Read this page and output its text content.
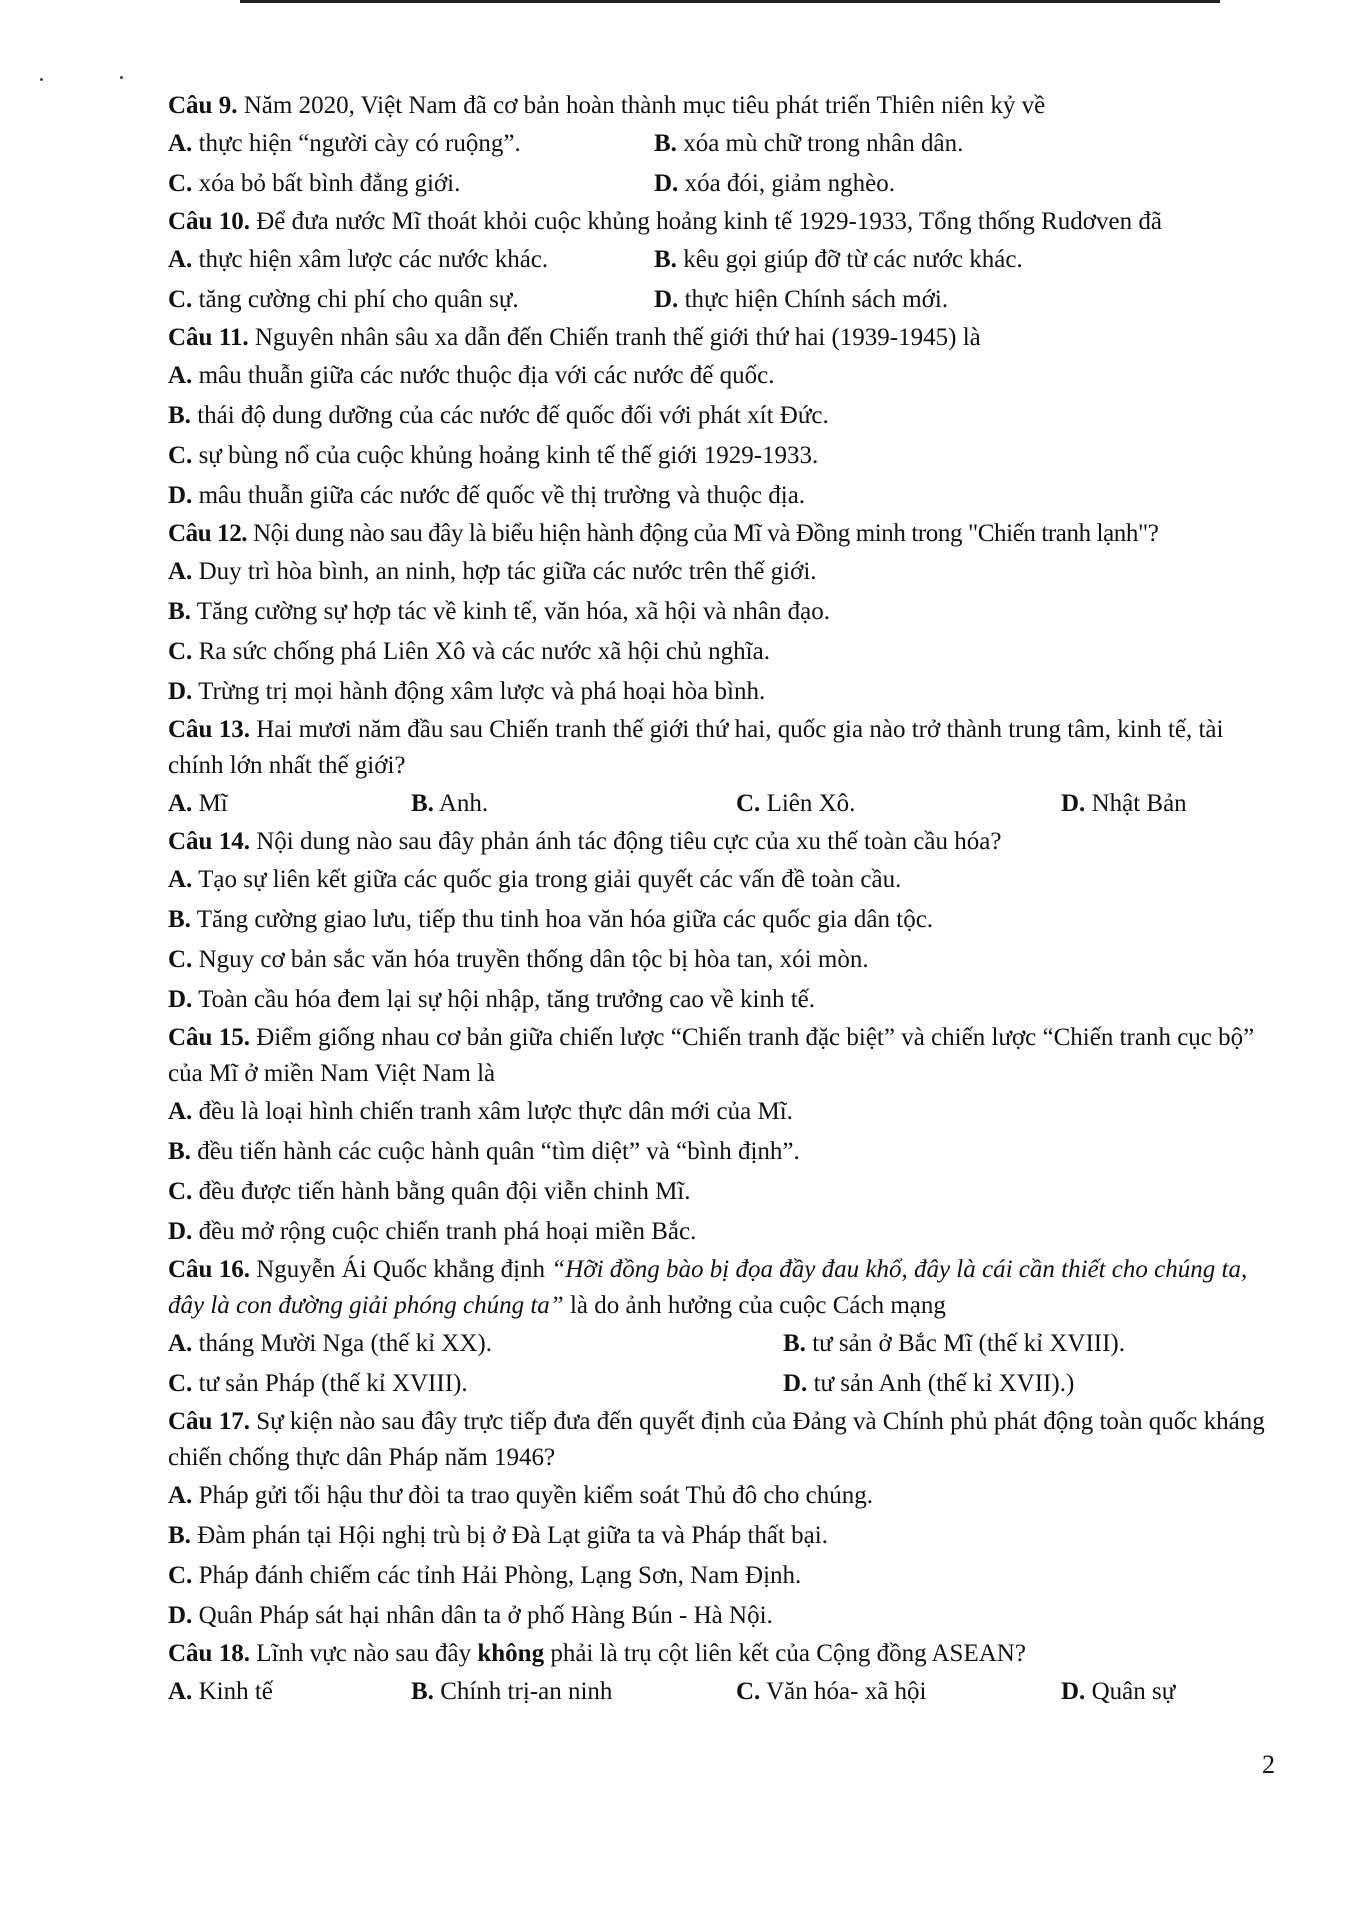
Câu 9. Năm 2020, Việt Nam đã cơ bản hoàn thành mục tiêu phát triển Thiên niên kỷ về

A. thực hiện “người cày có ruộng”.	B. xóa mù chữ trong nhân dân.
C. xóa bỏ bất bình đẳng giới.	D. xóa đói, giảm nghèo.

Câu 10. Để đưa nước Mĩ thoát khỏi cuộc khủng hoảng kinh tế 1929-1933, Tổng thống Rudơven đã

A. thực hiện xâm lược các nước khác.	B. kêu gọi giúp đỡ từ các nước khác.
C. tăng cường chi phí cho quân sự.	D. thực hiện Chính sách mới.

Câu 11. Nguyên nhân sâu xa dẫn đến Chiến tranh thế giới thứ hai (1939-1945) là

A. mâu thuẫn giữa các nước thuộc địa với các nước đế quốc.
B. thái độ dung dưỡng của các nước đế quốc đối với phát xít Đức.
C. sự bùng nổ của cuộc khủng hoảng kinh tế thế giới 1929-1933.
D. mâu thuẫn giữa các nước đế quốc về thị trường và thuộc địa.

Câu 12. Nội dung nào sau đây là biểu hiện hành động của Mĩ và Đồng minh trong "Chiến tranh lạnh"?

A. Duy trì hòa bình, an ninh, hợp tác giữa các nước trên thế giới.
B. Tăng cường sự hợp tác về kinh tế, văn hóa, xã hội và nhân đạo.
C. Ra sức chống phá Liên Xô và các nước xã hội chủ nghĩa.
D. Trừng trị mọi hành động xâm lược và phá hoại hòa bình.

Câu 13. Hai mươi năm đầu sau Chiến tranh thế giới thứ hai, quốc gia nào trở thành trung tâm, kinh tế, tài chính lớn nhất thế giới?

A. Mĩ	B. Anh.	C. Liên Xô.	D. Nhật Bản

Câu 14. Nội dung nào sau đây phản ánh tác động tiêu cực của xu thế toàn cầu hóa?

A. Tạo sự liên kết giữa các quốc gia trong giải quyết các vấn đề toàn cầu.
B. Tăng cường giao lưu, tiếp thu tinh hoa văn hóa giữa các quốc gia dân tộc.
C. Nguy cơ bản sắc văn hóa truyền thống dân tộc bị hòa tan, xói mòn.
D. Toàn cầu hóa đem lại sự hội nhập, tăng trưởng cao về kinh tế.

Câu 15. Điểm giống nhau cơ bản giữa chiến lược “Chiến tranh đặc biệt” và chiến lược “Chiến tranh cục bộ” của Mĩ ở miền Nam Việt Nam là

A. đều là loại hình chiến tranh xâm lược thực dân mới của Mĩ.
B. đều tiến hành các cuộc hành quân “tìm diệt” và “bình định”.
C. đều được tiến hành bằng quân đội viễn chinh Mĩ.
D. đều mở rộng cuộc chiến tranh phá hoại miền Bắc.

Câu 16. Nguyễn Ái Quốc khẳng định “Hỡi đồng bào bị đọa đầy đau khổ, đây là cái cần thiết cho chúng ta, đây là con đường giải phóng chúng ta” là do ảnh hưởng của cuộc Cách mạng

A. tháng Mười Nga (thế kỉ XX).	B. tư sản ở Bắc Mĩ (thế kỉ XVIII).
C. tư sản Pháp (thế kỉ XVIII).	D. tư sản Anh (thế kỉ XVII).)

Câu 17. Sự kiện nào sau đây trực tiếp đưa đến quyết định của Đảng và Chính phủ phát động toàn quốc kháng chiến chống thực dân Pháp năm 1946?

A. Pháp gửi tối hậu thư đòi ta trao quyền kiểm soát Thủ đô cho chúng.
B. Đàm phán tại Hội nghị trù bị ở Đà Lạt giữa ta và Pháp thất bại.
C. Pháp đánh chiếm các tỉnh Hải Phòng, Lạng Sơn, Nam Định.
D. Quân Pháp sát hại nhân dân ta ở phố Hàng Bún - Hà Nội.

Câu 18. Lĩnh vực nào sau đây không phải là trụ cột liên kết của Cộng đồng ASEAN?

A. Kinh tế	B. Chính trị-an ninh	C. Văn hóa- xã hội	D. Quân sự
2
